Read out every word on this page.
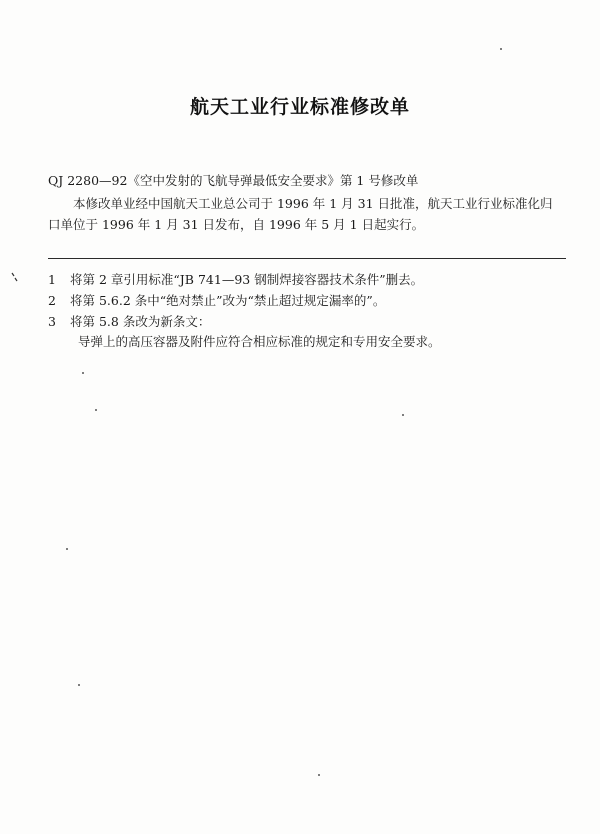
航天工业行业标准修改单
QJ 2280—92《空中发射的飞航导弹最低安全要求》第 1 号修改单
本修改单业经中国航天工业总公司于 1996 年 1 月 31 日批准，航天工业行业标准化归口单位于 1996 年 1 月 31 日发布，自 1996 年 5 月 1 日起实行。
1 将第 2 章引用标准“JB 741—93 钢制焊接容器技术条件”删去。
2 将第 5.6.2 条中“绝对禁止”改为“禁止超过规定漏率的”。
3 将第 5.8 条改为新条文：
导弹上的高压容器及附件应符合相应标准的规定和专用安全要求。
